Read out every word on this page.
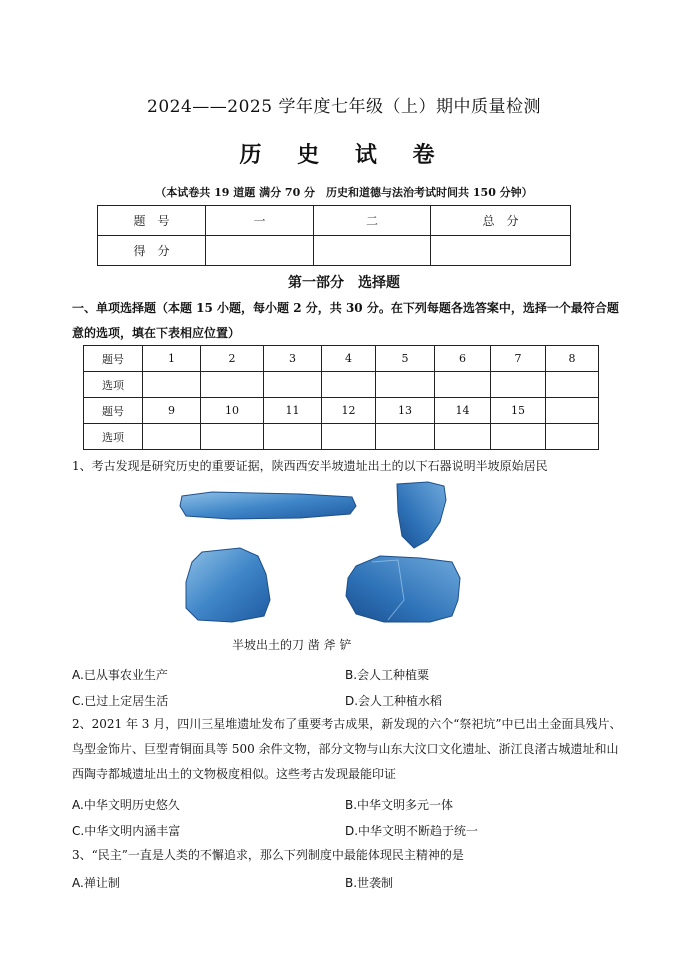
2024——2025 学年度七年级（上）期中质量检测
历 史 试 卷
（本试卷共 19 道题 满分 70 分　历史和道德与法治考试时间共 150 分钟）
题　号	一	二	总　分
得　分			
第一部分　选择题
一、单项选择题（本题 15 小题，每小题 2 分，共 30 分。在下列每题各选答案中，选择一个最符合题意的选项，填在下表相应位置）
题号	1	2	3	4	5	6	7	8
选项								
题号	9	10	11	12	13	14	15	
选项								
1、考古发现是研究历史的重要证据，陕西西安半坡遗址出土的以下石器说明半坡原始居民
半坡出土的刀 凿 斧 铲
A.已从事农业生产	B.会人工种植粟
C.已过上定居生活	D.会人工种植水稻
2、2021 年 3 月，四川三星堆遗址发布了重要考古成果，新发现的六个“祭祀坑”中已出土金面具残片、鸟型金饰片、巨型青铜面具等 500 余件文物，部分文物与山东大汶口文化遗址、浙江良渚古城遗址和山西陶寺都城遗址出土的文物极度相似。这些考古发现最能印证
A.中华文明历史悠久	B.中华文明多元一体
C.中华文明内涵丰富	D.中华文明不断趋于统一
3、“民主”一直是人类的不懈追求，那么下列制度中最能体现民主精神的是
A.禅让制	B.世袭制
